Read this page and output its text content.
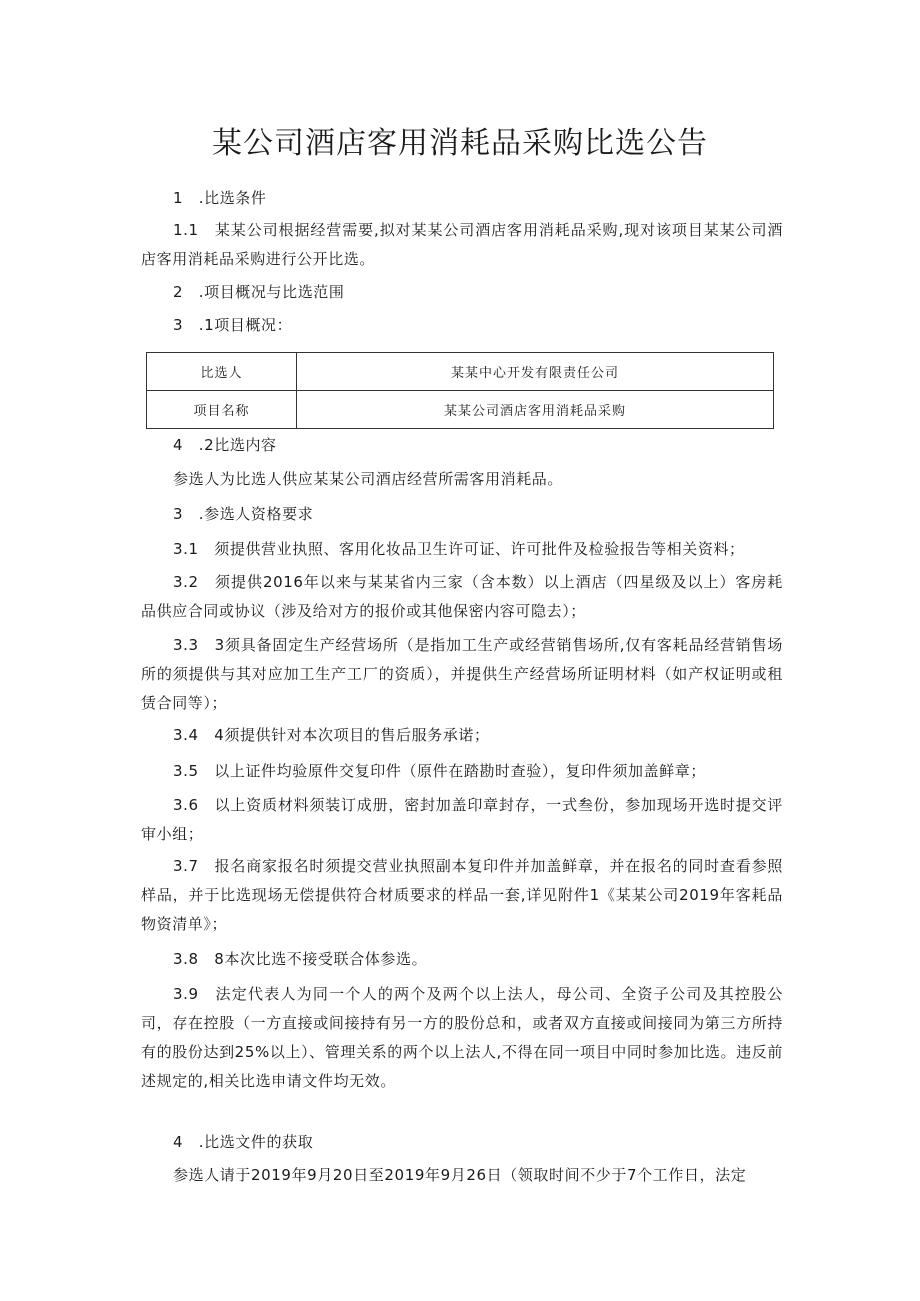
某公司酒店客用消耗品采购比选公告
1　.比选条件
1.1　某某公司根据经营需要,拟对某某公司酒店客用消耗品采购,现对该项目某某公司酒店客用消耗品采购进行公开比选。
2　.项目概况与比选范围
3　.1项目概况：
比选人	某某中心开发有限责任公司
项目名称	某某公司酒店客用消耗品采购
4　.2比选内容
参选人为比选人供应某某公司酒店经营所需客用消耗品。
3　.参选人资格要求
3.1　须提供营业执照、客用化妆品卫生许可证、许可批件及检验报告等相关资料；
3.2　须提供2016年以来与某某省内三家（含本数）以上酒店（四星级及以上）客房耗品供应合同或协议（涉及给对方的报价或其他保密内容可隐去）；
3.3　3须具备固定生产经营场所（是指加工生产或经营销售场所,仅有客耗品经营销售场所的须提供与其对应加工生产工厂的资质），并提供生产经营场所证明材料（如产权证明或租赁合同等）；
3.4　4须提供针对本次项目的售后服务承诺；
3.5　以上证件均验原件交复印件（原件在踏勘时查验），复印件须加盖鲜章；
3.6　以上资质材料须装订成册，密封加盖印章封存，一式叁份，参加现场开选时提交评审小组；
3.7　报名商家报名时须提交营业执照副本复印件并加盖鲜章，并在报名的同时查看参照样品，并于比选现场无偿提供符合材质要求的样品一套,详见附件1《某某公司2019年客耗品物资清单》；
3.8　8本次比选不接受联合体参选。
3.9　法定代表人为同一个人的两个及两个以上法人，母公司、全资子公司及其控股公司，存在控股（一方直接或间接持有另一方的股份总和，或者双方直接或间接同为第三方所持有的股份达到25%以上）、管理关系的两个以上法人,不得在同一项目中同时参加比选。违反前述规定的,相关比选申请文件均无效。
4　.比选文件的获取
参选人请于2019年9月20日至2019年9月26日（领取时间不少于7个工作日，法定
